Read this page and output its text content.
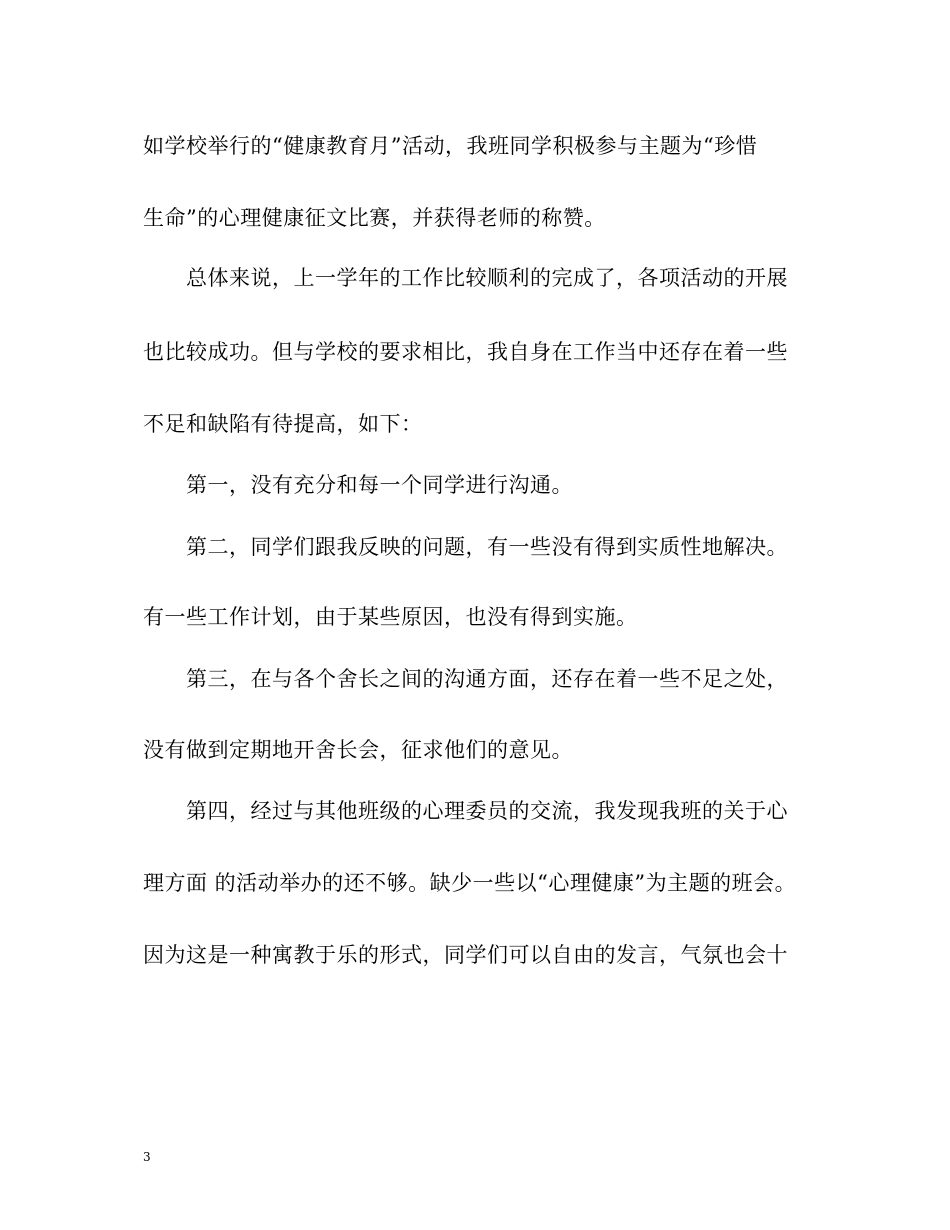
如学校举行的“健康教育月”活动，我班同学积极参与主题为“珍惜
生命”的心理健康征文比赛，并获得老师的称赞。
总体来说，上一学年的工作比较顺利的完成了，各项活动的开展
也比较成功。但与学校的要求相比，我自身在工作当中还存在着一些
不足和缺陷有待提高，如下：
第一，没有充分和每一个同学进行沟通。
第二，同学们跟我反映的问题，有一些没有得到实质性地解决。
有一些工作计划，由于某些原因，也没有得到实施。
第三，在与各个舍长之间的沟通方面，还存在着一些不足之处，
没有做到定期地开舍长会，征求他们的意见。
第四，经过与其他班级的心理委员的交流，我发现我班的关于心
理方面 的活动举办的还不够。缺少一些以“心理健康”为主题的班会。
因为这是一种寓教于乐的形式，同学们可以自由的发言，气氛也会十
3
